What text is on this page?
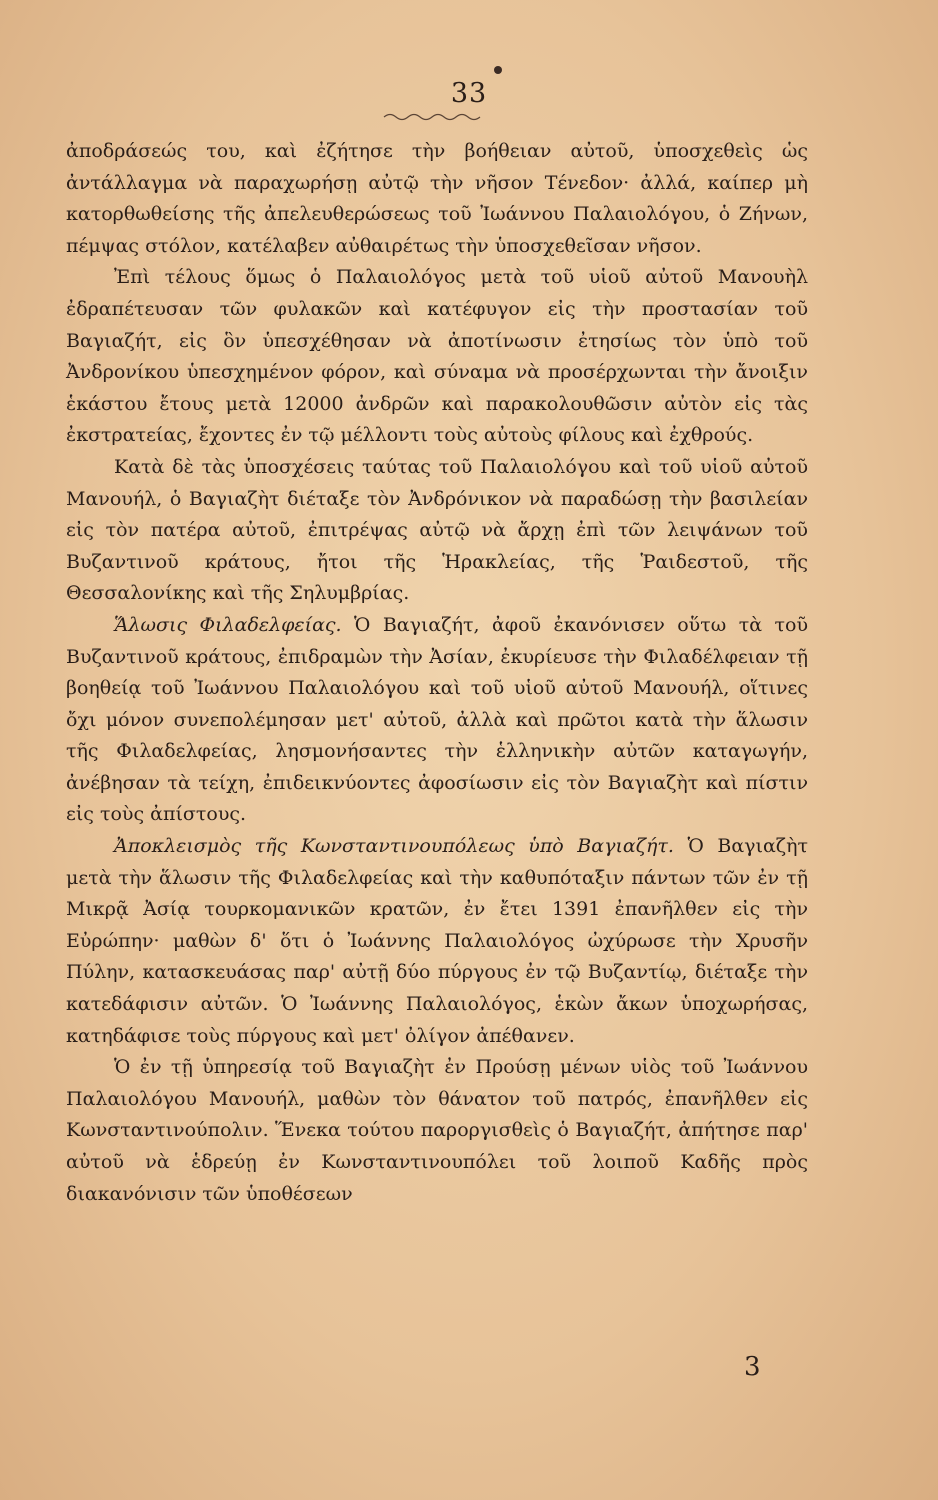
33

ἀποδράσεώς του, καὶ ἐζήτησε τὴν βοήθειαν αὐτοῦ, ὑποσχεθεὶς ὡς ἀντάλλαγμα νὰ παραχωρήσῃ αὐτῷ τὴν νῆσον Τένεδον· ἀλλά, καίπερ μὴ κατορθωθείσης τῆς ἀπελευθερώσεως τοῦ Ἰωάννου Παλαιολόγου, ὁ Ζήνων, πέμψας στόλον, κατέλαβεν αὐθαιρέτως τὴν ὑποσχεθεῖσαν νῆσον.

Ἐπὶ τέλους ὅμως ὁ Παλαιολόγος μετὰ τοῦ υἱοῦ αὐτοῦ Μανουὴλ ἐδραπέτευσαν τῶν φυλακῶν καὶ κατέφυγον εἰς τὴν προστασίαν τοῦ Βαγιαζήτ, εἰς ὃν ὑπεσχέθησαν νὰ ἀποτίνωσιν ἐτησίως τὸν ὑπὸ τοῦ Ἀνδρονίκου ὑπεσχημένον φόρον, καὶ σύναμα νὰ προσέρχωνται τὴν ἄνοιξιν ἑκάστου ἔτους μετὰ 12000 ἀνδρῶν καὶ παρακολουθῶσιν αὐτὸν εἰς τὰς ἐκστρατείας, ἔχοντες ἐν τῷ μέλλοντι τοὺς αὐτοὺς φίλους καὶ ἐχθρούς.

Κατὰ δὲ τὰς ὑποσχέσεις ταύτας τοῦ Παλαιολόγου καὶ τοῦ υἱοῦ αὐτοῦ Μανουήλ, ὁ Βαγιαζὴτ διέταξε τὸν Ἀνδρόνικον νὰ παραδώσῃ τὴν βασιλείαν εἰς τὸν πατέρα αὐτοῦ, ἐπιτρέψας αὐτῷ νὰ ἄρχῃ ἐπὶ τῶν λειψάνων τοῦ Βυζαντινοῦ κράτους, ἤτοι τῆς Ἡρακλείας, τῆς Ῥαιδεστοῦ, τῆς Θεσσαλονίκης καὶ τῆς Σηλυμβρίας.

Ἅλωσις Φιλαδελφείας. Ὁ Βαγιαζήτ, ἀφοῦ ἐκανόνισεν οὕτω τὰ τοῦ Βυζαντινοῦ κράτους, ἐπιδραμὼν τὴν Ἀσίαν, ἐκυρίευσε τὴν Φιλαδέλφειαν τῇ βοηθείᾳ τοῦ Ἰωάννου Παλαιολόγου καὶ τοῦ υἱοῦ αὐτοῦ Μανουήλ, οἵτινες ὄχι μόνον συνεπολέμησαν μετ' αὐτοῦ, ἀλλὰ καὶ πρῶτοι κατὰ τὴν ἅλωσιν τῆς Φιλαδελφείας, λησμονήσαντες τὴν ἑλληνικὴν αὐτῶν καταγωγήν, ἀνέβησαν τὰ τείχη, ἐπιδεικνύοντες ἀφοσίωσιν εἰς τὸν Βαγιαζὴτ καὶ πίστιν εἰς τοὺς ἀπίστους.

Ἀποκλεισμὸς τῆς Κωνσταντινουπόλεως ὑπὸ Βαγιαζήτ. Ὁ Βαγιαζὴτ μετὰ τὴν ἅλωσιν τῆς Φιλαδελφείας καὶ τὴν καθυπόταξιν πάντων τῶν ἐν τῇ Μικρᾷ Ἀσίᾳ τουρκομανικῶν κρατῶν, ἐν ἔτει 1391 ἐπανῆλθεν εἰς τὴν Εὐρώπην· μαθὼν δ' ὅτι ὁ Ἰωάννης Παλαιολόγος ὠχύρωσε τὴν Χρυσῆν Πύλην, κατασκευάσας παρ' αὐτῇ δύο πύργους ἐν τῷ Βυζαντίῳ, διέταξε τὴν κατεδάφισιν αὐτῶν. Ὁ Ἰωάννης Παλαιολόγος, ἑκὼν ἄκων ὑποχωρήσας, κατηδάφισε τοὺς πύργους καὶ μετ' ὀλίγον ἀπέθανεν.

Ὁ ἐν τῇ ὑπηρεσίᾳ τοῦ Βαγιαζὴτ ἐν Προύσῃ μένων υἱὸς τοῦ Ἰωάννου Παλαιολόγου Μανουήλ, μαθὼν τὸν θάνατον τοῦ πατρός, ἐπανῆλθεν εἰς Κωνσταντινούπολιν. Ἕνεκα τούτου παροργισθεὶς ὁ Βαγιαζήτ, ἀπήτησε παρ' αὐτοῦ νὰ ἑδρεύῃ ἐν Κωνσταντινουπόλει τοῦ λοιποῦ Καδῆς πρὸς διακανόνισιν τῶν ὑποθέσεων

3
